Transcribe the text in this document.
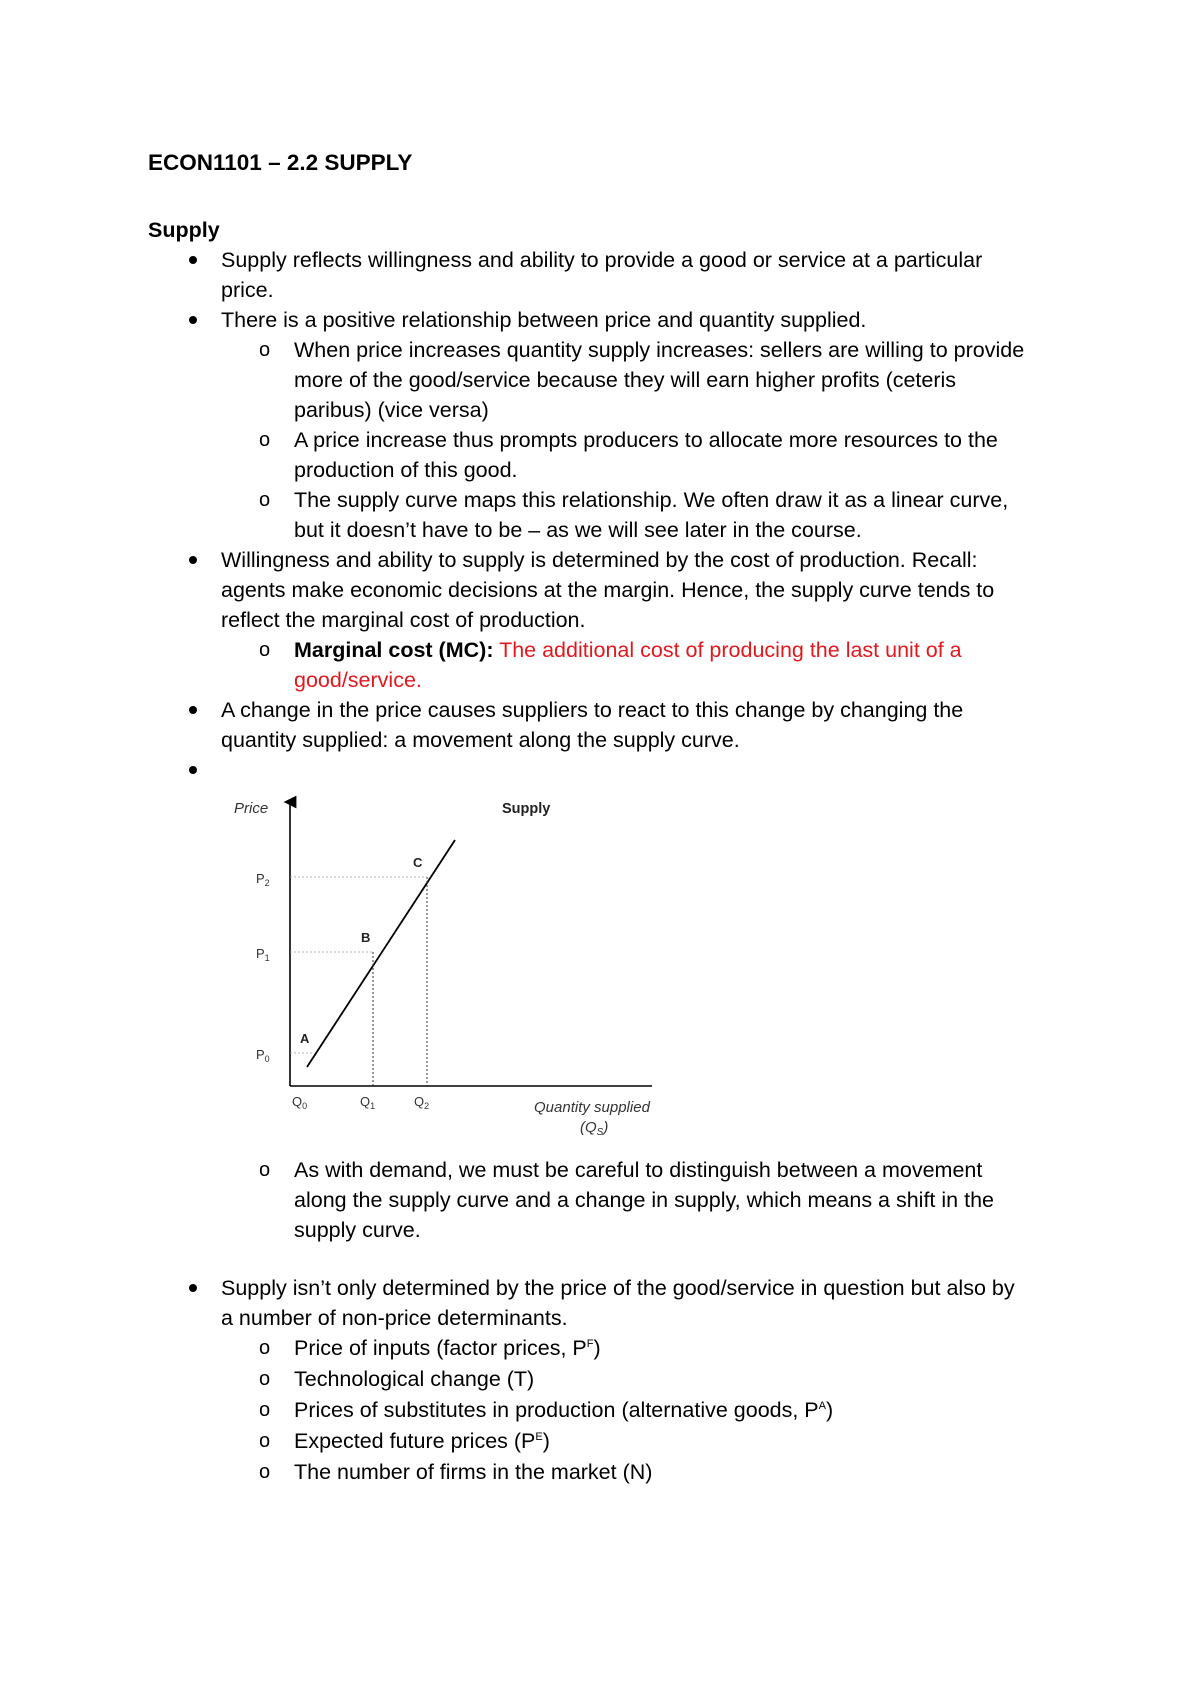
ECON1101 – 2.2 SUPPLY
Supply
Supply reflects willingness and ability to provide a good or service at a particular
price.
There is a positive relationship between price and quantity supplied.
o When price increases quantity supply increases: sellers are willing to provide
more of the good/service because they will earn higher profits (ceteris
paribus) (vice versa)
o A price increase thus prompts producers to allocate more resources to the
production of this good.
o The supply curve maps this relationship. We often draw it as a linear curve,
but it doesn’t have to be – as we will see later in the course.
Willingness and ability to supply is determined by the cost of production. Recall:
agents make economic decisions at the margin. Hence, the supply curve tends to
reflect the marginal cost of production.
o Marginal cost (MC): The additional cost of producing the last unit of a
good/service.
A change in the price causes suppliers to react to this change by changing the
quantity supplied: a movement along the supply curve.
Price	Supply
Quantity supplied
$(Q_S)$
A
B
C
$P_0$
$P_1$
$P_2$
$Q_0$	$Q_1$	$Q_2$
o As with demand, we must be careful to distinguish between a movement
along the supply curve and a change in supply, which means a shift in the
supply curve.
Supply isn’t only determined by the price of the good/service in question but also by
a number of non-price determinants.
o Price of inputs (factor prices, $P^F$)
o Technological change (T)
o Prices of substitutes in production (alternative goods, $P^A$)
o Expected future prices $(P^E)$
o The number of firms in the market (N)
